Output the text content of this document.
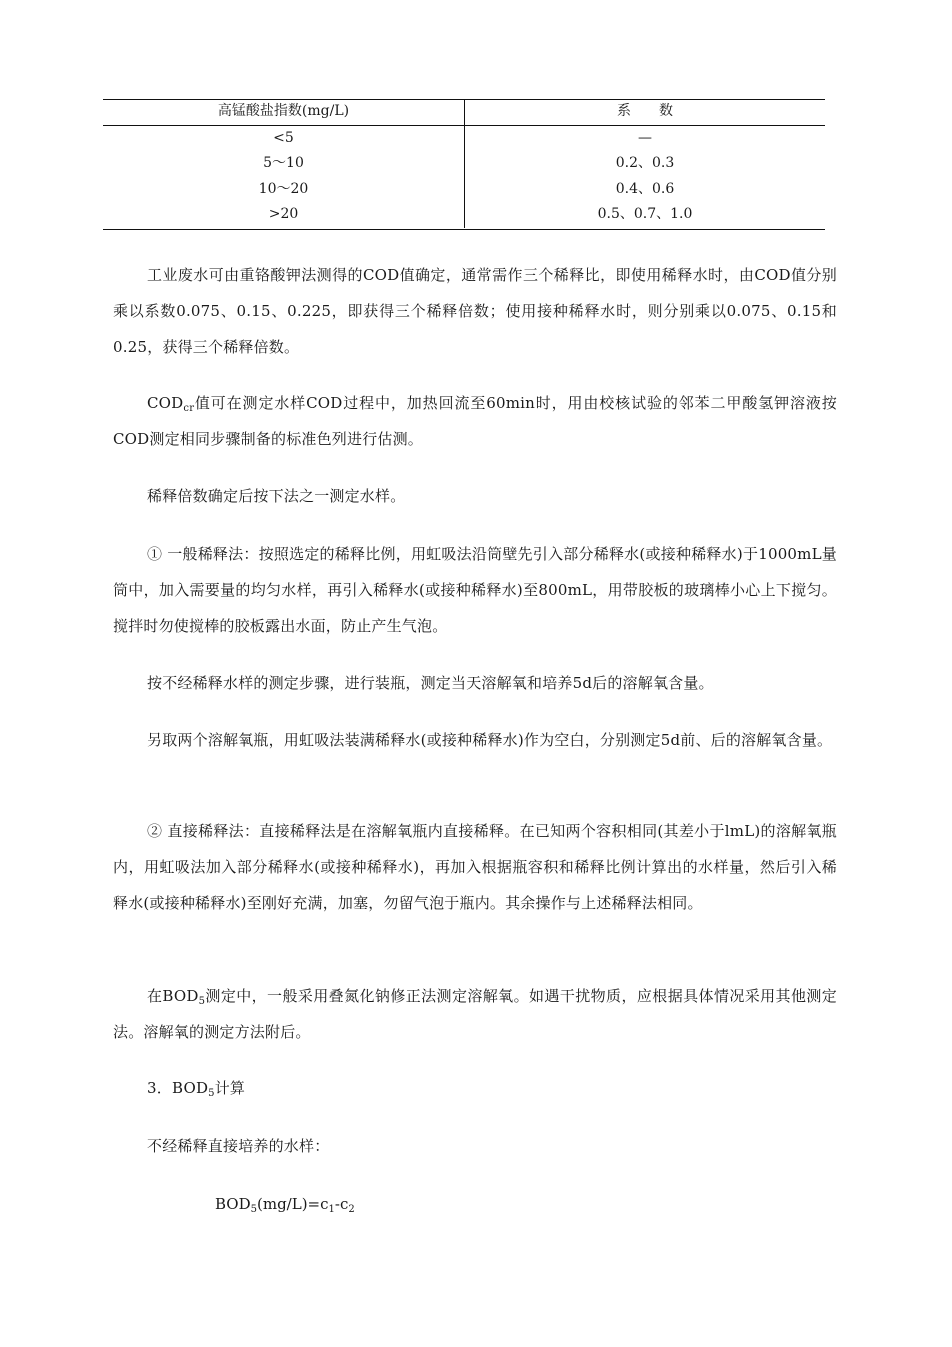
高锰酸盐指数(mg/L)	系　　数
<5	—
5～10	0.2、0.3
10～20	0.4、0.6
>20	0.5、0.7、1.0

工业废水可由重铬酸钾法测得的COD值确定，通常需作三个稀释比，即使用稀释水时，由COD值分别乘以系数0.075、0.15、0.225，即获得三个稀释倍数；使用接种稀释水时，则分别乘以0.075、0.15和0.25，获得三个稀释倍数。

$COD_{cr}$值可在测定水样COD过程中，加热回流至60min时，用由校核试验的邻苯二甲酸氢钾溶液按COD测定相同步骤制备的标准色列进行估测。

稀释倍数确定后按下法之一测定水样。

① 一般稀释法：按照选定的稀释比例，用虹吸法沿筒壁先引入部分稀释水(或接种稀释水)于1000mL量筒中，加入需要量的均匀水样，再引入稀释水(或接种稀释水)至800mL，用带胶板的玻璃棒小心上下搅匀。搅拌时勿使搅棒的胶板露出水面，防止产生气泡。

按不经稀释水样的测定步骤，进行装瓶，测定当天溶解氧和培养5d后的溶解氧含量。

另取两个溶解氧瓶，用虹吸法装满稀释水(或接种稀释水)作为空白，分别测定5d前、后的溶解氧含量。

② 直接稀释法：直接稀释法是在溶解氧瓶内直接稀释。在已知两个容积相同(其差小于lmL)的溶解氧瓶内，用虹吸法加入部分稀释水(或接种稀释水)，再加入根据瓶容积和稀释比例计算出的水样量，然后引入稀释水(或接种稀释水)至刚好充满，加塞，勿留气泡于瓶内。其余操作与上述稀释法相同。

在$BOD_5$测定中，一般采用叠氮化钠修正法测定溶解氧。如遇干扰物质，应根据具体情况采用其他测定法。溶解氧的测定方法附后。

3．$BOD_5$计算

不经稀释直接培养的水样：

$BOD_5(mg/L)=c_1-c_2$
